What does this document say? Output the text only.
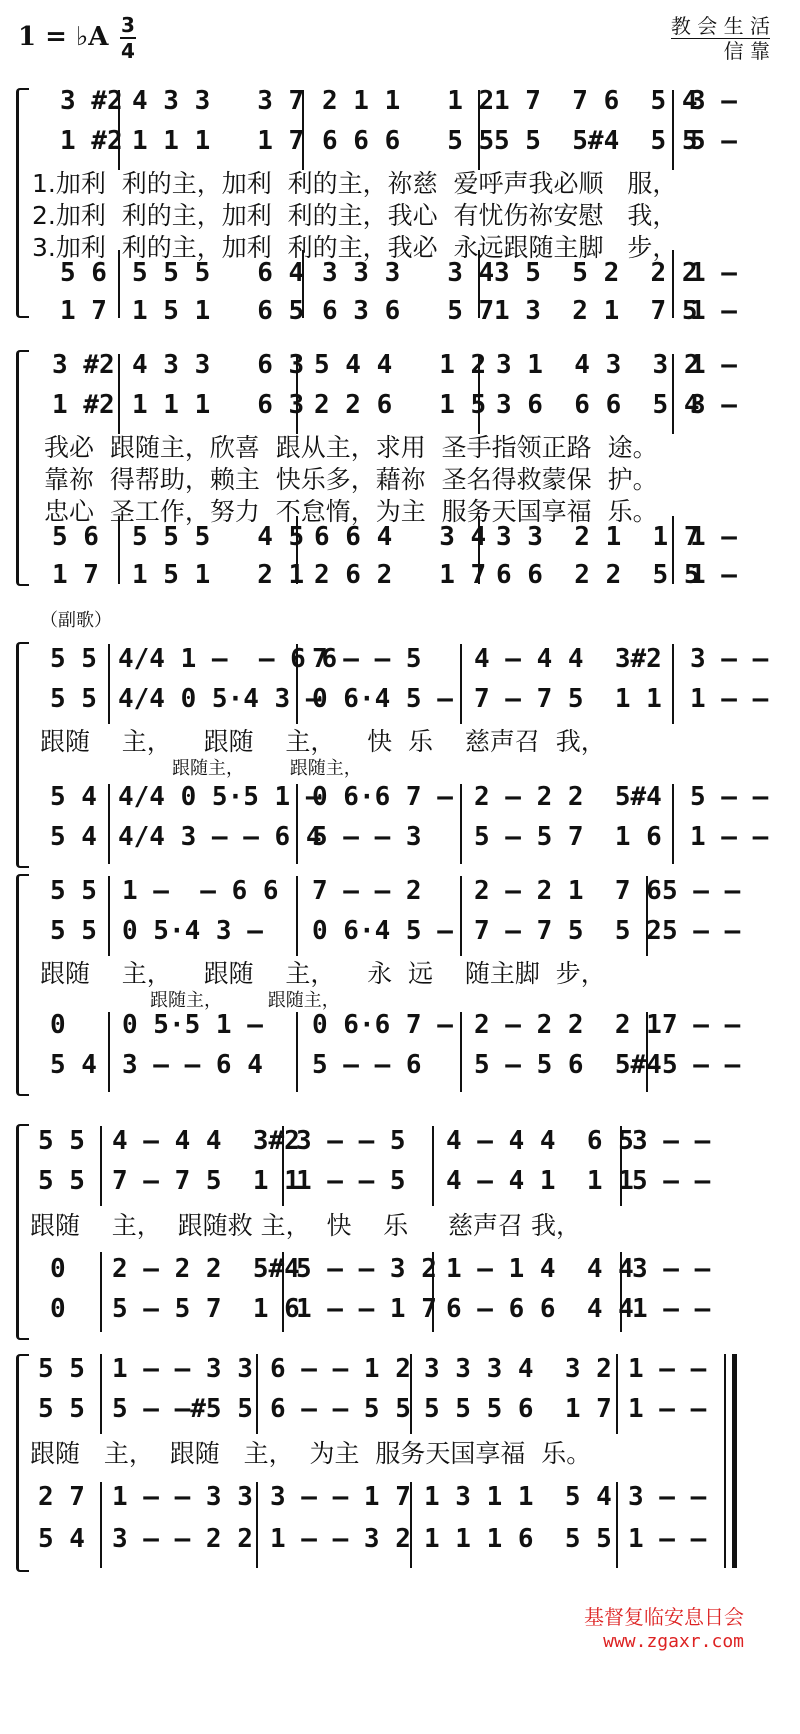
1 = ♭A 3
4
教 会 生 活
信 靠

3 #2

4 3 3   3 7

2 1 1   1 2

1 7  7 6  5 4

3 –

1 #2

1 1 1   1 7

6 6 6   5 5

5 5  5#4  5 5

5 –

1.加利  利的主，加利  利的主，祢慈  爱呼声我必顺   服，
2.加利  利的主，加利  利的主，我心  有忧伤祢安慰   我，
3.加利  利的主，加利  利的主，我必  永远跟随主脚   步，

5 6

5 5 5   6 4

3 3 3   3 4

3 5  5 2  2 2

1 –

1 7

1 5 1   6 5

6 3 6   5 7

1 3  2 1  7 5

1 –

3 #2

4 3 3   6 3

5 4 4   1 2

3 1  4 3  3 2

1 –

1 #2

1 1 1   6 3

2 2 6   1 5

3 6  6 6  5 4

3 –

我必  跟随主，欣喜  跟从主，求用  圣手指领正路  途。
靠祢  得帮助，赖主  快乐多，藉祢  圣名得救蒙保  护。
忠心  圣工作，努力  不怠惰，为主  服务天国享福  乐。

5 6

5 5 5   4 5

6 6 4   3 4

3 3  2 1  1 7

1 –

1 7

1 5 1   2 1

2 6 2   1 7

6 6  2 2  5 5

1 –

（副歌）

5 5

4/4 1 –  – 6 6

7 – – 5

4 – 4 4  3#2

3 – –

5 5

4/4 0 5·4 3 –

0 6·4 5 –

7 – 7 5  1 1

1 – –

跟随    主，    跟随    主，    快  乐    慈声召  我，
跟随主，        跟随主，

5 4

4/4 0 5·5 1 –

0 6·6 7 –

2 – 2 2  5#4

5 – –

5 4

4/4 3 – – 6 4

5 – – 3

5 – 5 7  1 6

1 – –

5 5

1 –  – 6 6

7 – – 2

2 – 2 1  7 6

5 – –

5 5

0 5·4 3 –

0 6·4 5 –

7 – 7 5  5 2

5 – –

跟随    主，    跟随    主，    永  远    随主脚  步，
跟随主，        跟随主，

0

0 5·5 1 –

0 6·6 7 –

2 – 2 2  2 1

7 – –

5 4

3 – – 6 4

5 – – 6

5 – 5 6  5#4

5 – –

5 5

4 – 4 4  3#2

3 – – 5

4 – 4 4  6 5

3 – –

5 5

7 – 7 5  1 1

1 – – 5

4 – 4 1  1 1

5 – –

跟随    主，  跟随救 主，  快    乐     慈声召 我，

0

2 – 2 2  5#4

5 – – 3 2

1 – 1 4  4 4

3 – –

0

5 – 5 7  1 6

1 – – 1 7

6 – 6 6  4 4

1 – –

5 5

1 – – 3 3

6 – – 1 2

3 3 3 4  3 2

1 – –

5 5

5 – –#5 5

6 – – 5 5

5 5 5 6  1 7

1 – –

跟随   主，  跟随   主，  为主  服务天国享福  乐。

2 7

1 – – 3 3

3 – – 1 7

1 3 1 1  5 4

3 – –

5 4

3 – – 2 2

1 – – 3 2

1 1 1 6  5 5

1 – –

基督复临安息日会
www.zgaxr.com
